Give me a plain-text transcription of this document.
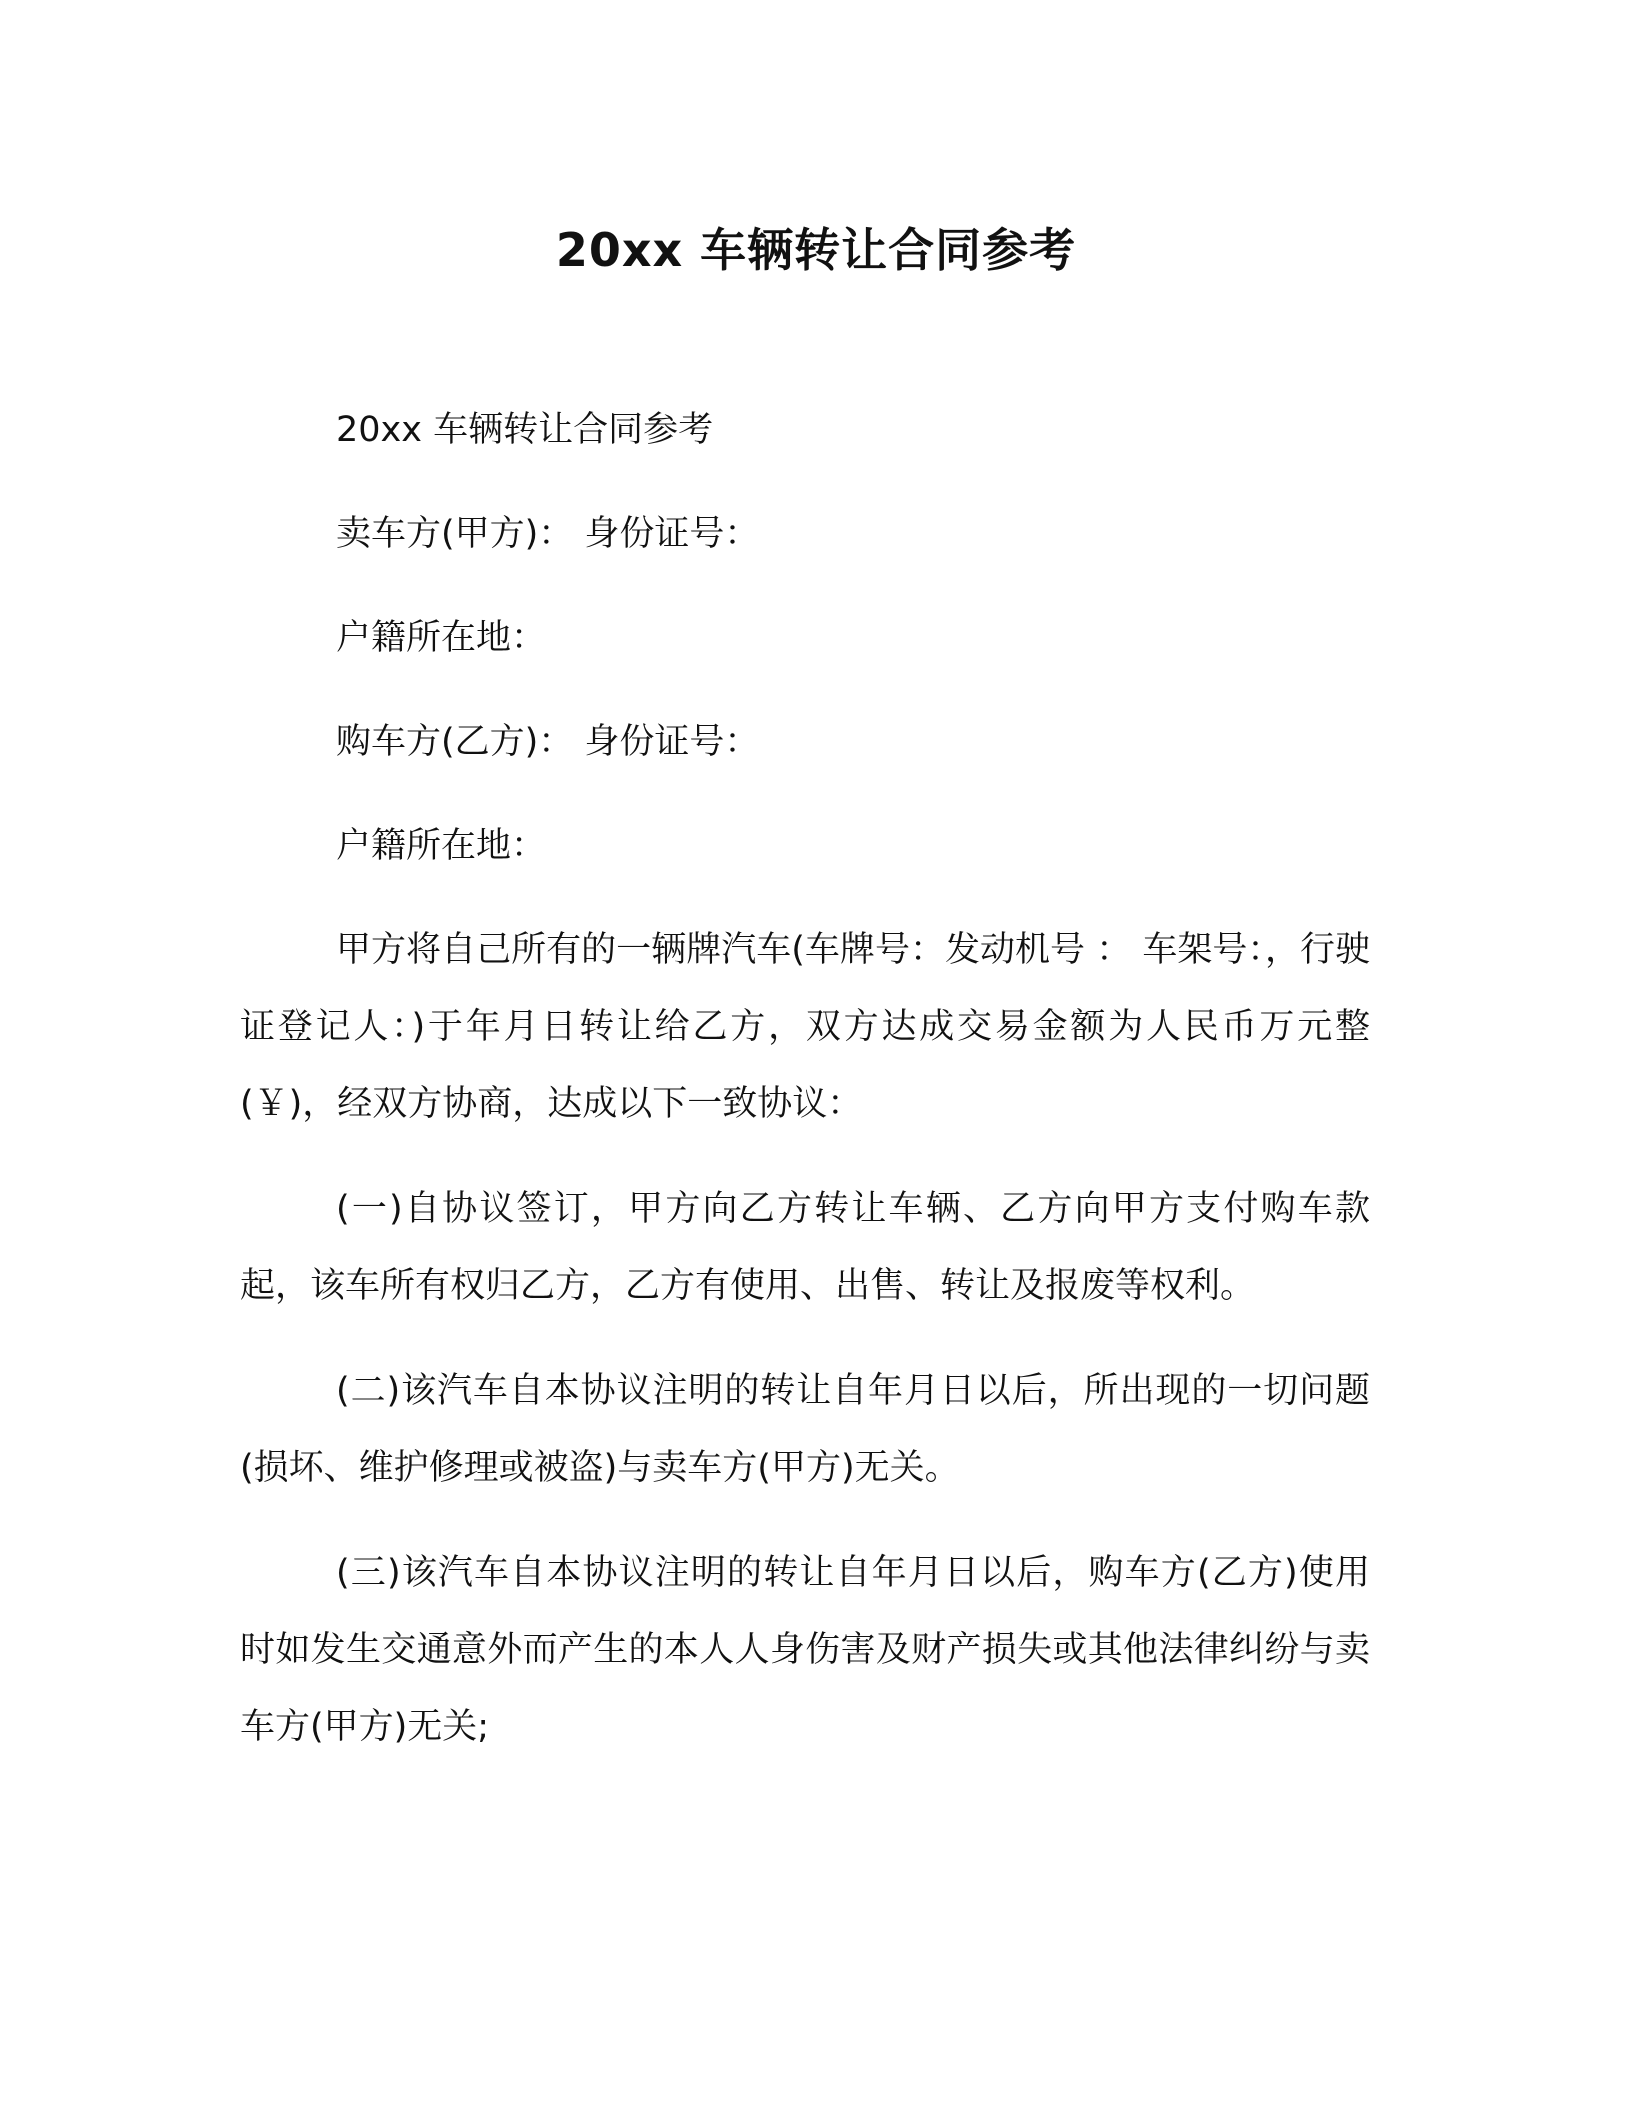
20xx 车辆转让合同参考

20xx 车辆转让合同参考

卖车方(甲方)： 身份证号：

户籍所在地：

购车方(乙方)： 身份证号：

户籍所在地：

甲方将自己所有的一辆牌汽车(车牌号：发动机号 ： 车架号：，行驶证登记人：)于年月日转让给乙方，双方达成交易金额为人民币万元整(￥)，经双方协商，达成以下一致协议：

(一)自协议签订，甲方向乙方转让车辆、乙方向甲方支付购车款起，该车所有权归乙方，乙方有使用、出售、转让及报废等权利。

(二)该汽车自本协议注明的转让自年月日以后，所出现的一切问题(损坏、维护修理或被盗)与卖车方(甲方)无关。

(三)该汽车自本协议注明的转让自年月日以后，购车方(乙方)使用时如发生交通意外而产生的本人人身伤害及财产损失或其他法律纠纷与卖车方(甲方)无关;
